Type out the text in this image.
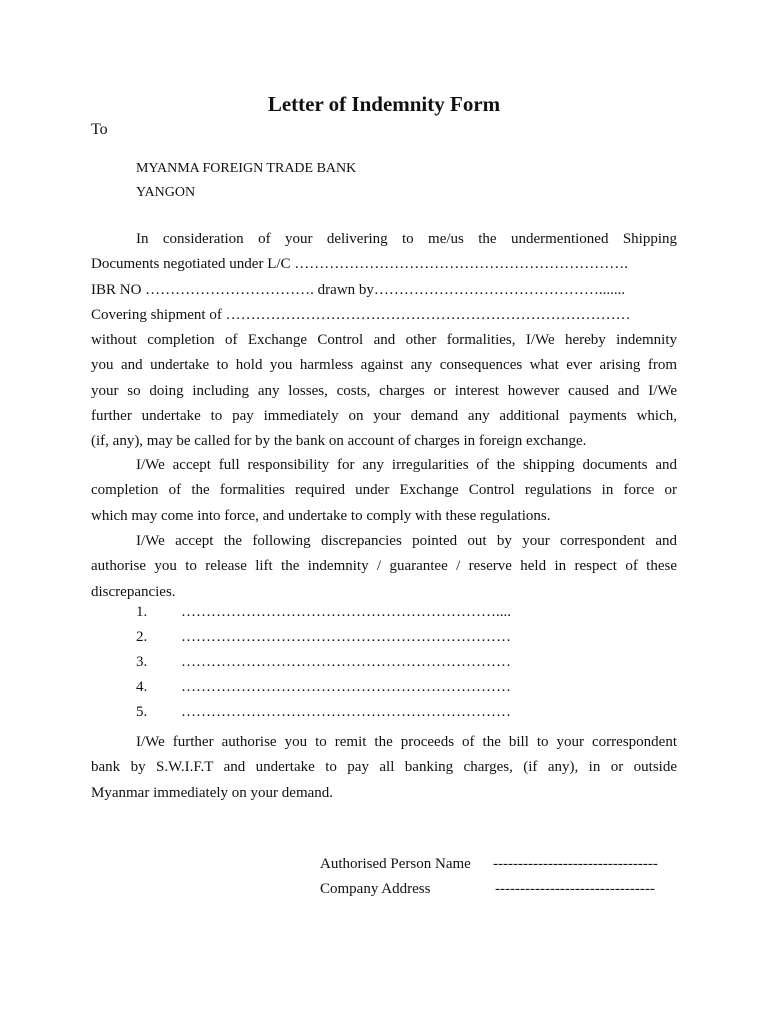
Letter of Indemnity Form
To
MYANMA FOREIGN TRADE BANK
YANGON
In consideration of your delivering to me/us the undermentioned Shipping
Documents negotiated under L/C ………………………………………………………….
IBR NO ……………………………. drawn by……………………………………….......
Covering shipment of ………………………………………………………………………
without completion of Exchange Control and other formalities, I/We hereby indemnity
you and undertake to hold you harmless against any consequences what ever arising from
your so doing including any losses, costs, charges or interest however caused and I/We
further undertake to pay immediately on your demand any additional payments which,
(if, any), may be called for by the bank on account of charges in foreign exchange.
I/We accept full responsibility for any irregularities of the shipping documents and
completion of the formalities required under Exchange Control regulations in force or
which may come into force, and undertake to comply with these regulations.
I/We accept the following discrepancies pointed out by your correspondent and
authorise you to release lift the indemnity / guarantee / reserve held in respect of these
discrepancies.
1. ………………………………………………………....
2. …………………………………………………………
3. …………………………………………………………
4. …………………………………………………………
5. …………………………………………………………
I/We further authorise you to remit the proceeds of the bill to your correspondent
bank by S.W.I.F.T and undertake to pay all banking charges, (if any), in or outside
Myanmar immediately on your demand.
Authorised Person Name ---------------------------------
Company Address	--------------------------------
